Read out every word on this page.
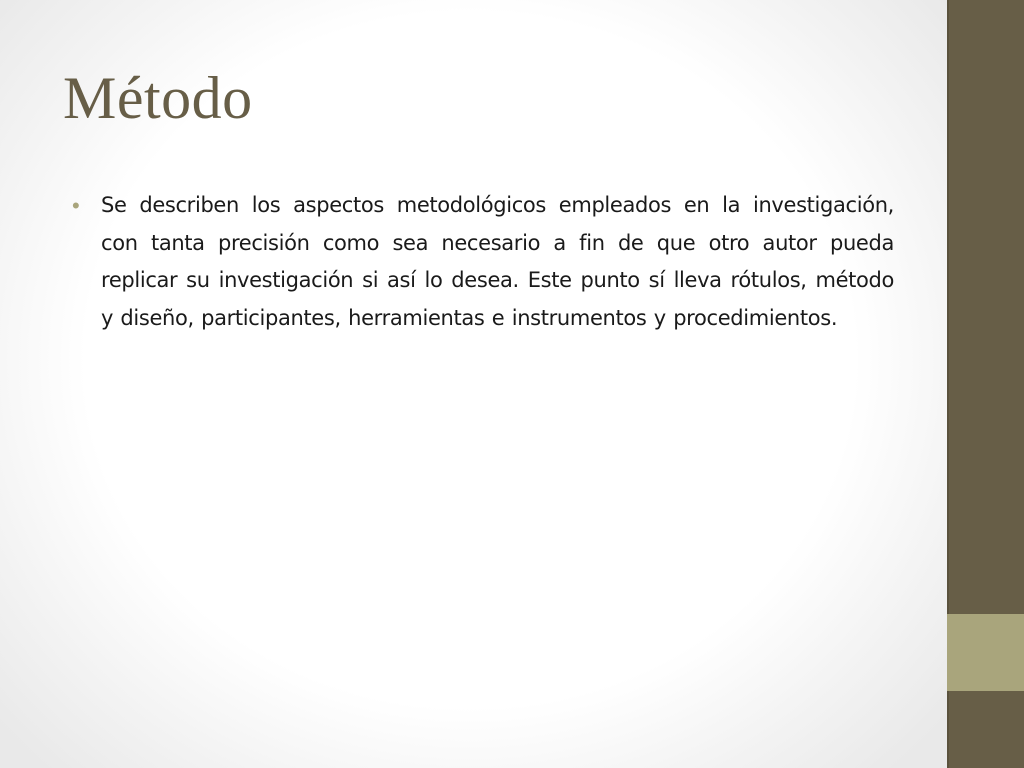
Método
•	Se describen los aspectos metodológicos empleados en la investigación, con tanta precisión como sea necesario a fin de que otro autor pueda replicar su investigación si así lo desea. Este punto sí lleva rótulos, método y diseño, participantes, herramientas e instrumentos y procedimientos.
